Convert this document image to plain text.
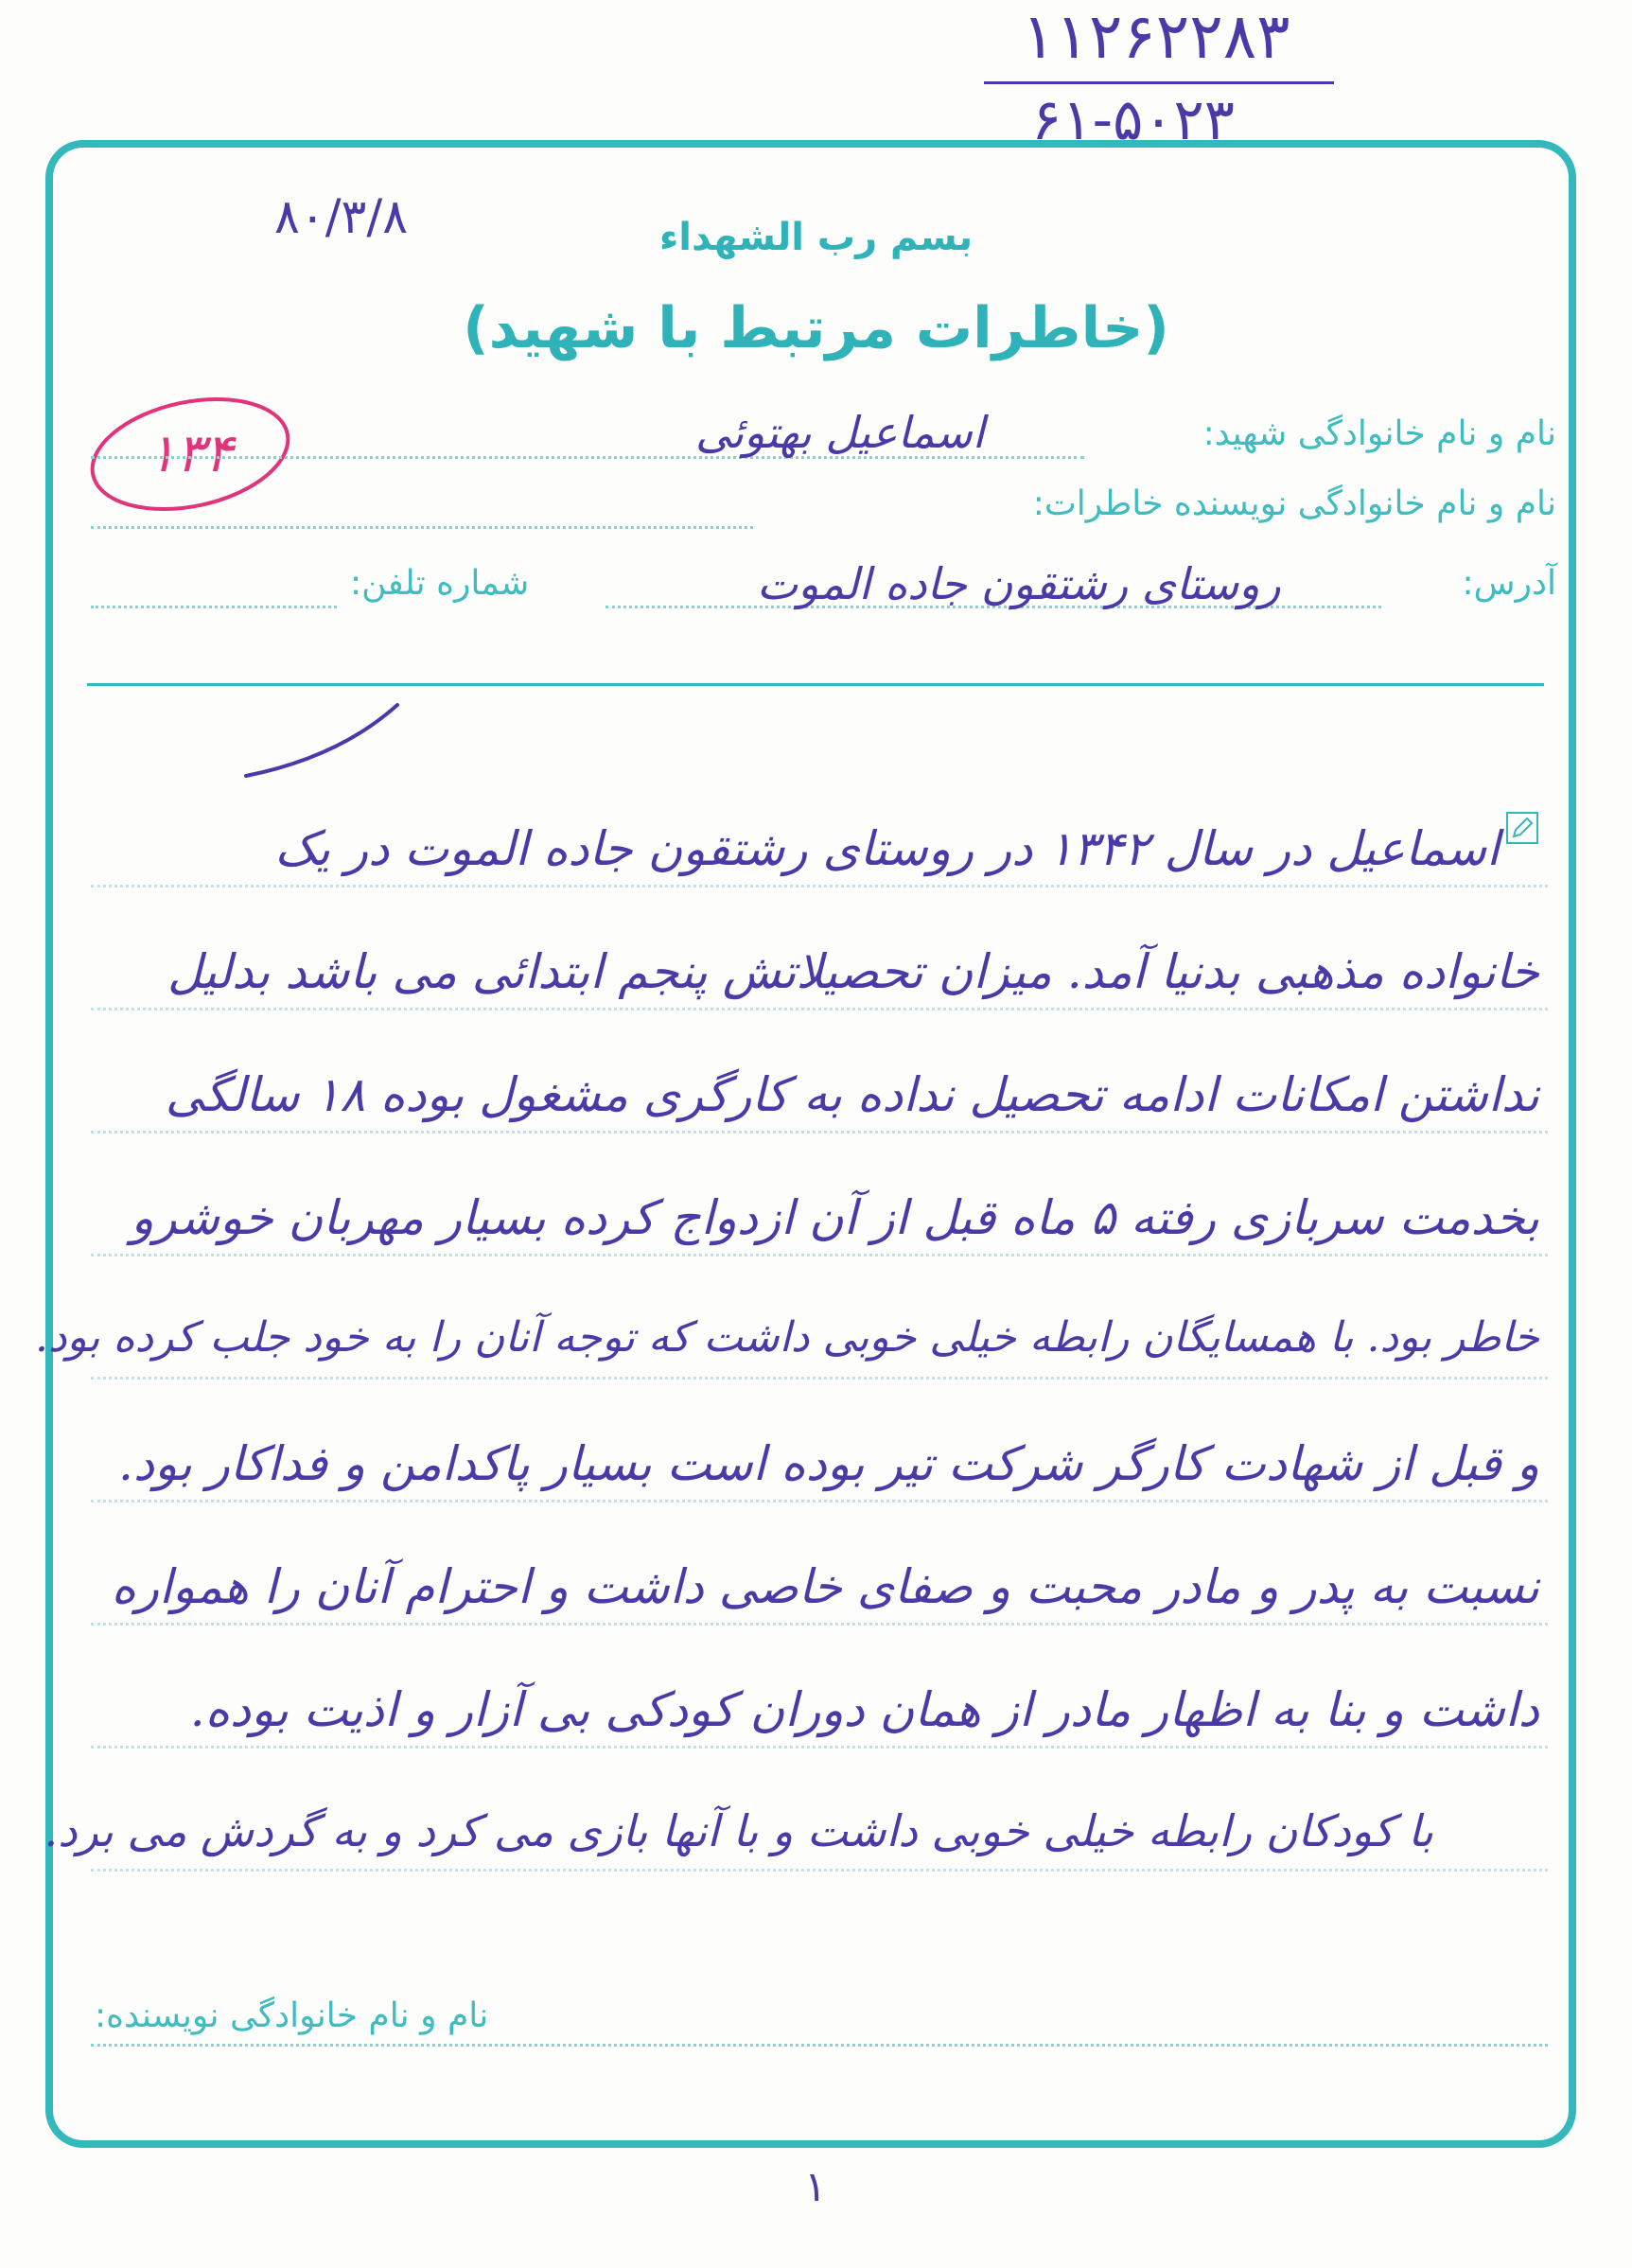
۱۱۲۶۲۲۸۳
۶۱-۵۰۲۳
۸۰/۳/۸	بسم رب الشهداء
(خاطرات مرتبط با شهید)
۱۳۴	نام و نام خانوادگی شهید:
اسماعیل بهتوئی
نام و نام خانوادگی نویسنده خاطرات:
آدرس:
روستای رشتقون جاده الموت
شماره تلفن:
اسماعیل در سال ۱۳۴۲ در روستای رشتقون جاده الموت در یک
خانواده مذهبی بدنیا آمد. میزان تحصیلاتش پنجم ابتدائی می باشد بدلیل
نداشتن امکانات ادامه تحصیل نداده به کارگری مشغول بوده ۱۸ سالگی
بخدمت سربازی رفته ۵ ماه قبل از آن ازدواج کرده بسیار مهربان خوشرو
خاطر بود. با همسایگان رابطه خیلی خوبی داشت که توجه آنان را به خود جلب کرده بود.
و قبل از شهادت کارگر شرکت تیر بوده است بسیار پاکدامن و فداکار بود.
نسبت به پدر و مادر محبت و صفای خاصی داشت و احترام آنان را همواره
داشت و بنا به اظهار مادر از همان دوران کودکی بی آزار و اذیت بوده.
با کودکان رابطه خیلی خوبی داشت و با آنها بازی می کرد و به گردش می برد.
نام و نام خانوادگی نویسنده:
۱
